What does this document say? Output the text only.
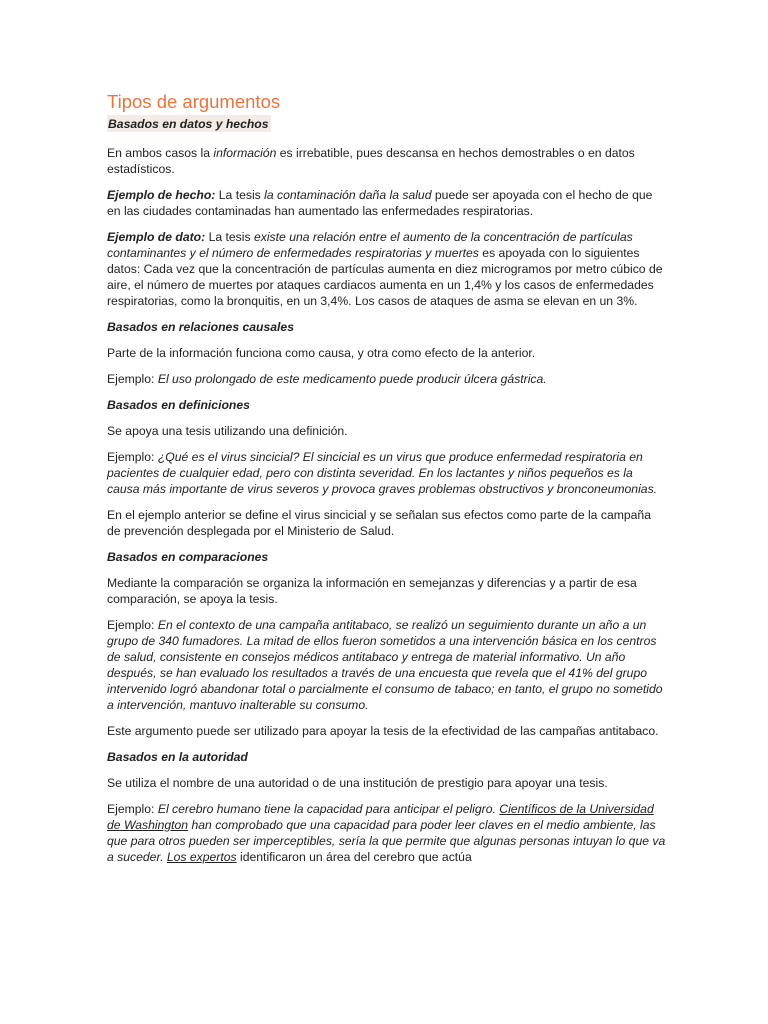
Tipos de argumentos
Basados en datos y hechos

En ambos casos la información es irrebatible, pues descansa en hechos demostrables o en datos estadísticos.

Ejemplo de hecho: La tesis la contaminación daña la salud puede ser apoyada con el hecho de que en las ciudades contaminadas han aumentado las enfermedades respiratorias.

Ejemplo de dato: La tesis existe una relación entre el aumento de la concentración de partículas contaminantes y el número de enfermedades respiratorias y muertes es apoyada con lo siguientes datos: Cada vez que la concentración de partículas aumenta en diez microgramos por metro cúbico de aire, el número de muertes por ataques cardiacos aumenta en un 1,4% y los casos de enfermedades respiratorias, como la bronquitis, en un 3,4%. Los casos de ataques de asma se elevan en un 3%.

Basados en relaciones causales

Parte de la información funciona como causa, y otra como efecto de la anterior.

Ejemplo: El uso prolongado de este medicamento puede producir úlcera gástrica.

Basados en definiciones

Se apoya una tesis utilizando una definición.

Ejemplo: ¿Qué es el virus sincicial? El sincicial es un virus que produce enfermedad respiratoria en pacientes de cualquier edad, pero con distinta severidad. En los lactantes y niños pequeños es la causa más importante de virus severos y provoca graves problemas obstructivos y bronconeumonias.

En el ejemplo anterior se define el virus sincicial y se señalan sus efectos como parte de la campaña de prevención desplegada por el Ministerio de Salud.

Basados en comparaciones

Mediante la comparación se organiza la información en semejanzas y diferencias y a partir de esa comparación, se apoya la tesis.

Ejemplo: En el contexto de una campaña antitabaco, se realizó un seguimiento durante un año a un grupo de 340 fumadores. La mitad de ellos fueron sometidos a una intervención básica en los centros de salud, consistente en consejos médicos antitabaco y entrega de material informativo. Un año después, se han evaluado los resultados a través de una encuesta que revela que el 41% del grupo intervenido logró abandonar total o parcialmente el consumo de tabaco; en tanto, el grupo no sometido a intervención, mantuvo inalterable su consumo.

Este argumento puede ser utilizado para apoyar la tesis de la efectividad de las campañas antitabaco.

Basados en la autoridad

Se utiliza el nombre de una autoridad o de una institución de prestigio para apoyar una tesis.

Ejemplo: El cerebro humano tiene la capacidad para anticipar el peligro. Científicos de la Universidad de Washington han comprobado que una capacidad para poder leer claves en el medio ambiente, las que para otros pueden ser imperceptibles, sería la que permite que algunas personas intuyan lo que va a suceder. Los expertos identificaron un área del cerebro que actúa
